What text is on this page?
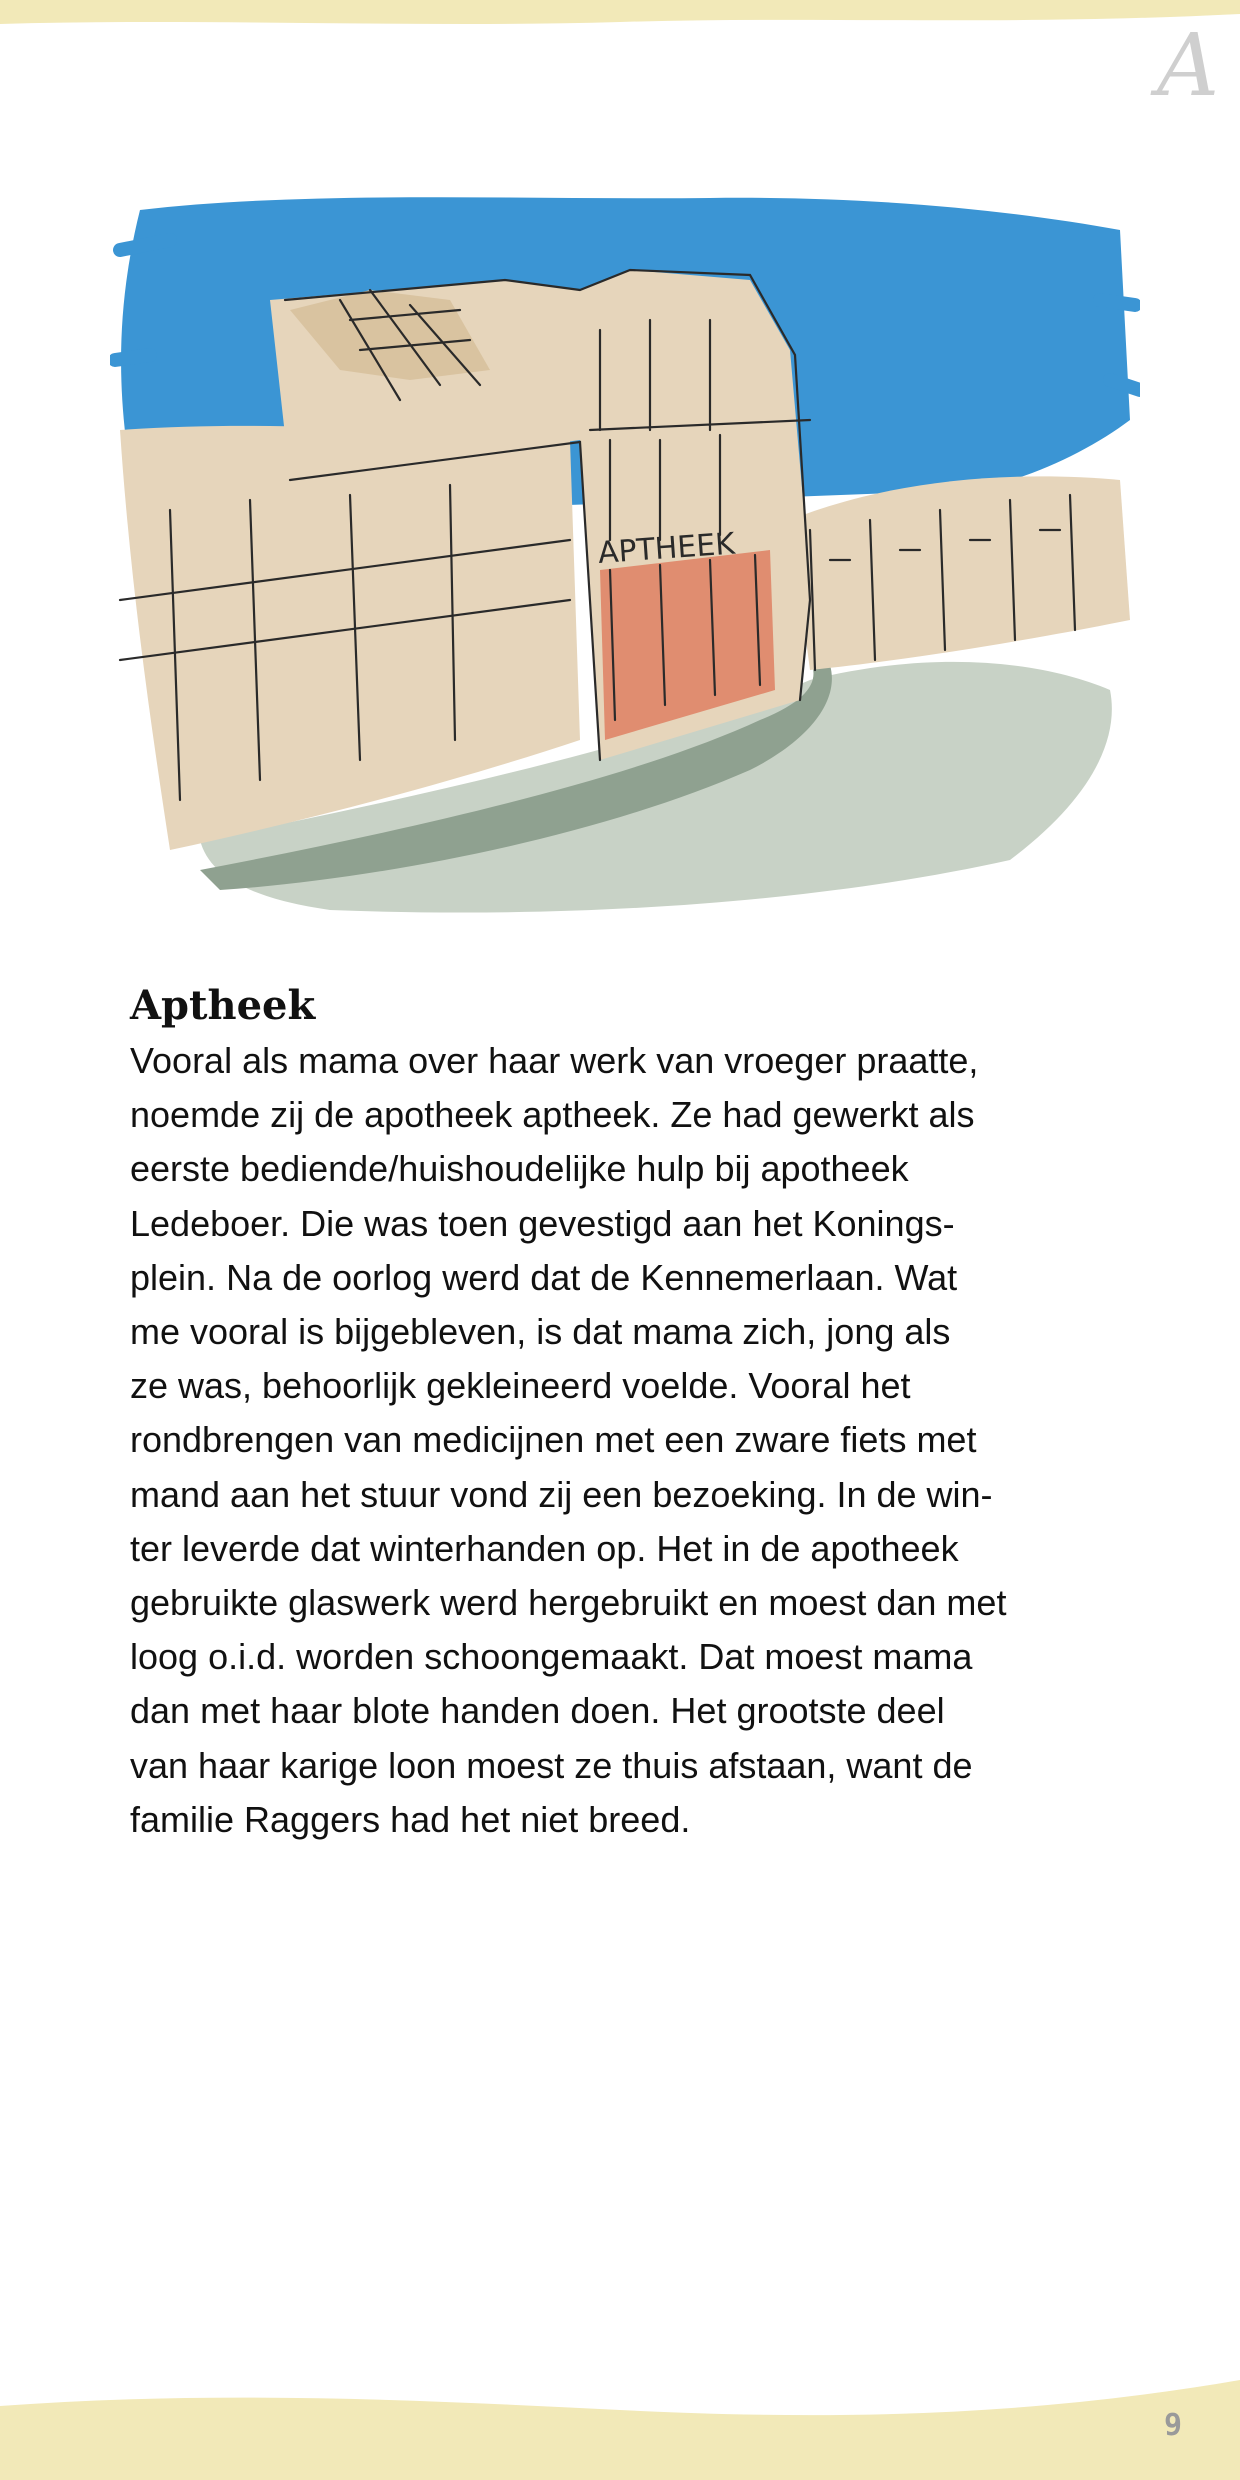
A
APTHEEK
Aptheek

Vooral als mama over haar werk van vroeger praatte,
noemde zij de apotheek aptheek. Ze had gewerkt als
eerste bediende/huishoudelijke hulp bij apotheek
Ledeboer. Die was toen gevestigd aan het Konings-
plein. Na de oorlog werd dat de Kennemerlaan. Wat
me vooral is bijgebleven, is dat mama zich, jong als
ze was, behoorlijk gekleineerd voelde. Vooral het
rondbrengen van medicijnen met een zware fiets met
mand aan het stuur vond zij een bezoeking. In de win-
ter leverde dat winterhanden op. Het in de apotheek
gebruikte glaswerk werd hergebruikt en moest dan met
loog o.i.d. worden schoongemaakt. Dat moest mama
dan met haar blote handen doen. Het grootste deel
van haar karige loon moest ze thuis afstaan, want de
familie Raggers had het niet breed.

9
